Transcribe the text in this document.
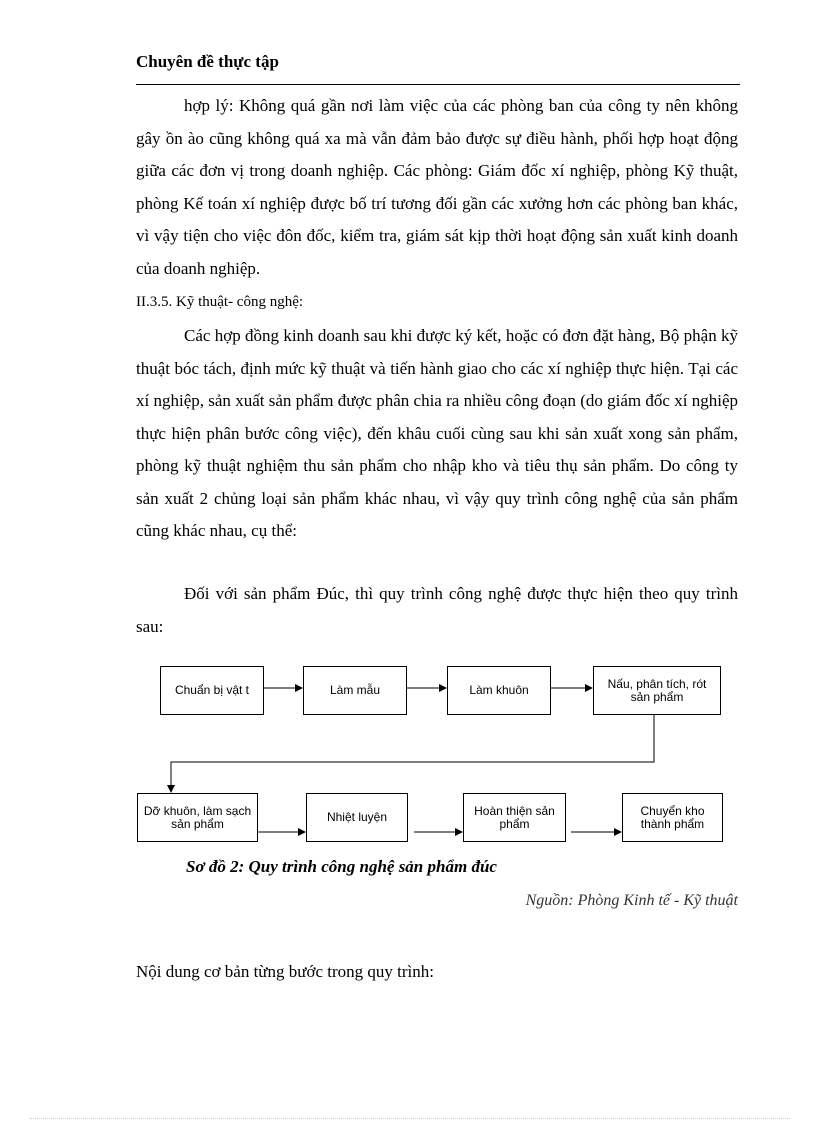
Chuyên đề thực tập

hợp lý: Không quá gần nơi làm việc của các phòng ban của công ty nên không gây ồn ào cũng không quá xa mà vẫn đảm bảo được sự điều hành, phối hợp hoạt động giữa các đơn vị trong doanh nghiệp. Các phòng: Giám đốc xí nghiệp, phòng Kỹ thuật, phòng Kế toán xí nghiệp được bố trí tương đối gần các xưởng hơn các phòng ban khác, vì vậy tiện cho việc đôn đốc, kiểm tra, giám sát kịp thời hoạt động sản xuất kinh doanh của doanh nghiệp.

II.3.5. Kỹ thuật- công nghệ:

Các hợp đồng kinh doanh sau khi được ký kết, hoặc có đơn đặt hàng, Bộ phận kỹ thuật bóc tách, định mức kỹ thuật và tiến hành giao cho các xí nghiệp thực hiện. Tại các xí nghiệp, sản xuất sản phẩm được phân chia ra nhiều công đoạn (do giám đốc xí nghiệp thực hiện phân bước công việc), đến khâu cuối cùng sau khi sản xuất xong sản phẩm, phòng kỹ thuật nghiệm thu sản phẩm cho nhập kho và tiêu thụ sản phẩm. Do công ty sản xuất 2 chủng loại sản phẩm khác nhau, vì vậy quy trình công nghệ của sản phẩm cũng khác nhau, cụ thể:

Đối với sản phẩm Đúc, thì quy trình công nghệ được thực hiện theo quy trình sau:

Chuẩn bị vật t	Làm mẫu	Làm khuôn	Nấu, phân tích, rót sản phẩm
Dỡ khuôn, làm sạch sản phẩm	Nhiệt luyện	Hoàn thiện sản phẩm
Chuyển kho thành phẩm
Sơ đồ 2: Quy trình công nghệ sản phẩm đúc
Nguồn: Phòng Kinh tế - Kỹ thuật

Nội dung cơ bản từng bước trong quy trình:
